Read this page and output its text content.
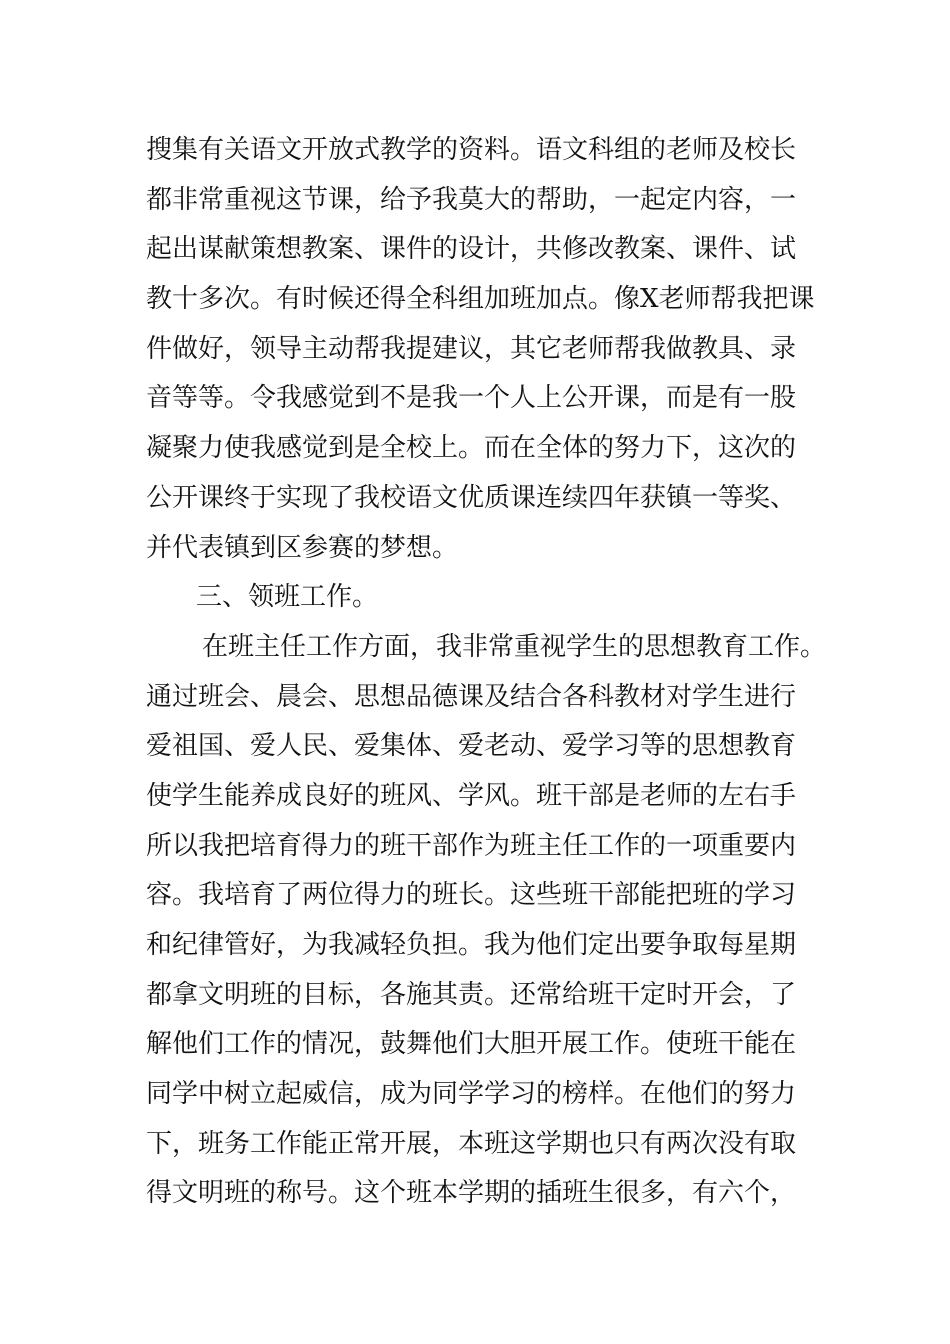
搜集有关语文开放式教学的资料。语文科组的老师及校长
都非常重视这节课，给予我莫大的帮助，一起定内容，一
起出谋献策想教案、课件的设计，共修改教案、课件、试
教十多次。有时候还得全科组加班加点。像X老师帮我把课
件做好，领导主动帮我提建议，其它老师帮我做教具、录
音等等。令我感觉到不是我一个人上公开课，而是有一股
凝聚力使我感觉到是全校上。而在全体的努力下，这次的
公开课终于实现了我校语文优质课连续四年获镇一等奖、
并代表镇到区参赛的梦想。
三、领班工作。
在班主任工作方面，我非常重视学生的思想教育工作。
通过班会、晨会、思想品德课及结合各科教材对学生进行
爱祖国、爱人民、爱集体、爱老动、爱学习等的思想教育
使学生能养成良好的班风、学风。班干部是老师的左右手
所以我把培育得力的班干部作为班主任工作的一项重要内
容。我培育了两位得力的班长。这些班干部能把班的学习
和纪律管好，为我减轻负担。我为他们定出要争取每星期
都拿文明班的目标，各施其责。还常给班干定时开会，了
解他们工作的情况，鼓舞他们大胆开展工作。使班干能在
同学中树立起威信，成为同学学习的榜样。在他们的努力
下，班务工作能正常开展，本班这学期也只有两次没有取
得文明班的称号。这个班本学期的插班生很多，有六个，
